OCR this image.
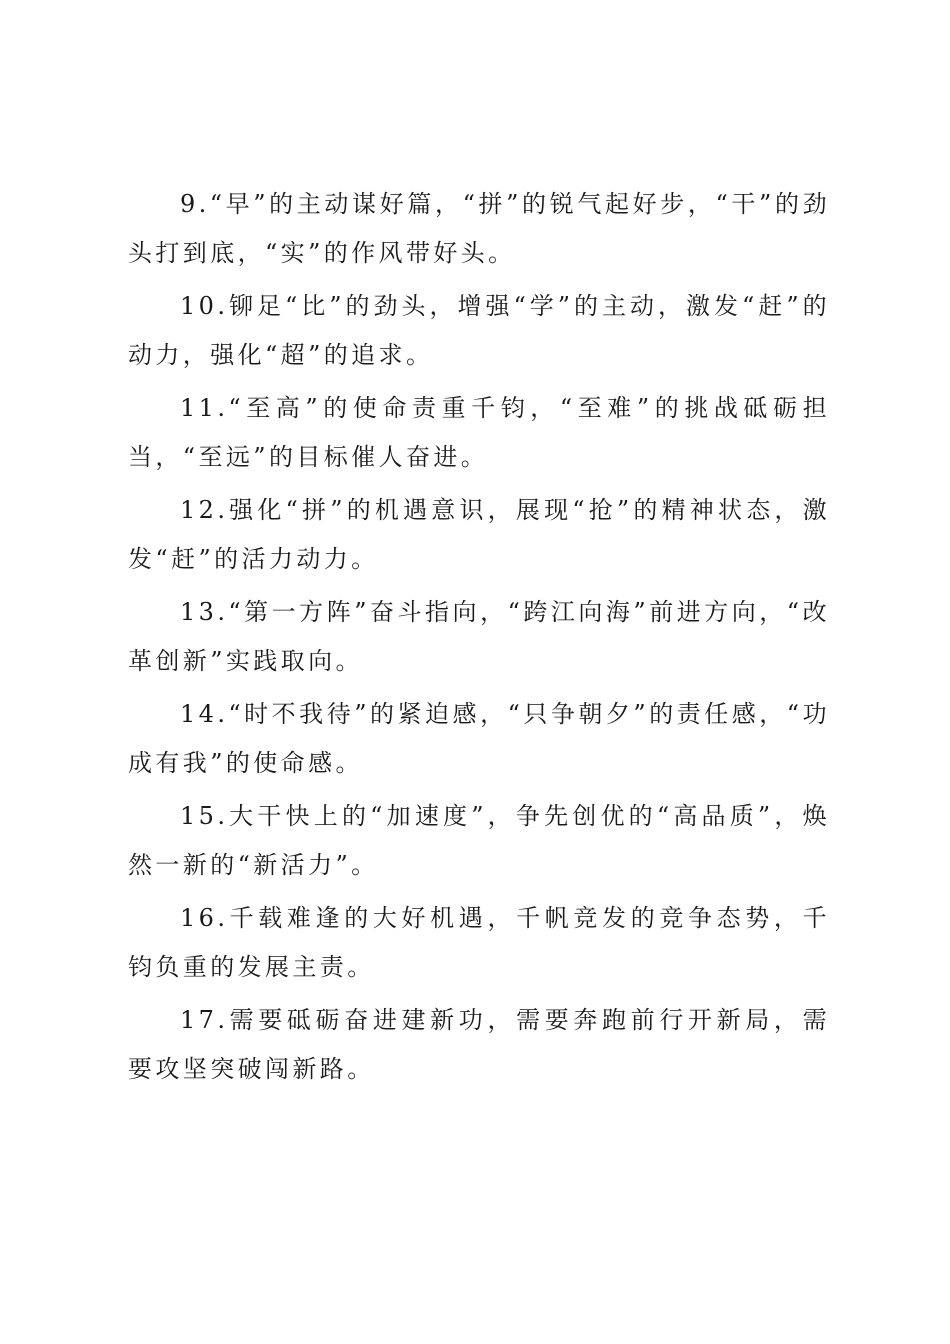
9.“早”的主动谋好篇，“拼”的锐气起好步，“干”的劲头打到底，“实”的作风带好头。

10.铆足“比”的劲头，增强“学”的主动，激发“赶”的动力，强化“超”的追求。

11.“至高”的使命责重千钧，“至难”的挑战砥砺担当，“至远”的目标催人奋进。

12.强化“拼”的机遇意识，展现“抢”的精神状态，激发“赶”的活力动力。

13.“第一方阵”奋斗指向，“跨江向海”前进方向，“改革创新”实践取向。

14.“时不我待”的紧迫感，“只争朝夕”的责任感，“功成有我”的使命感。

15.大干快上的“加速度”，争先创优的“高品质”，焕然一新的“新活力”。

16.千载难逢的大好机遇，千帆竞发的竞争态势，千钧负重的发展主责。

17.需要砥砺奋进建新功，需要奔跑前行开新局，需要攻坚突破闯新路。
